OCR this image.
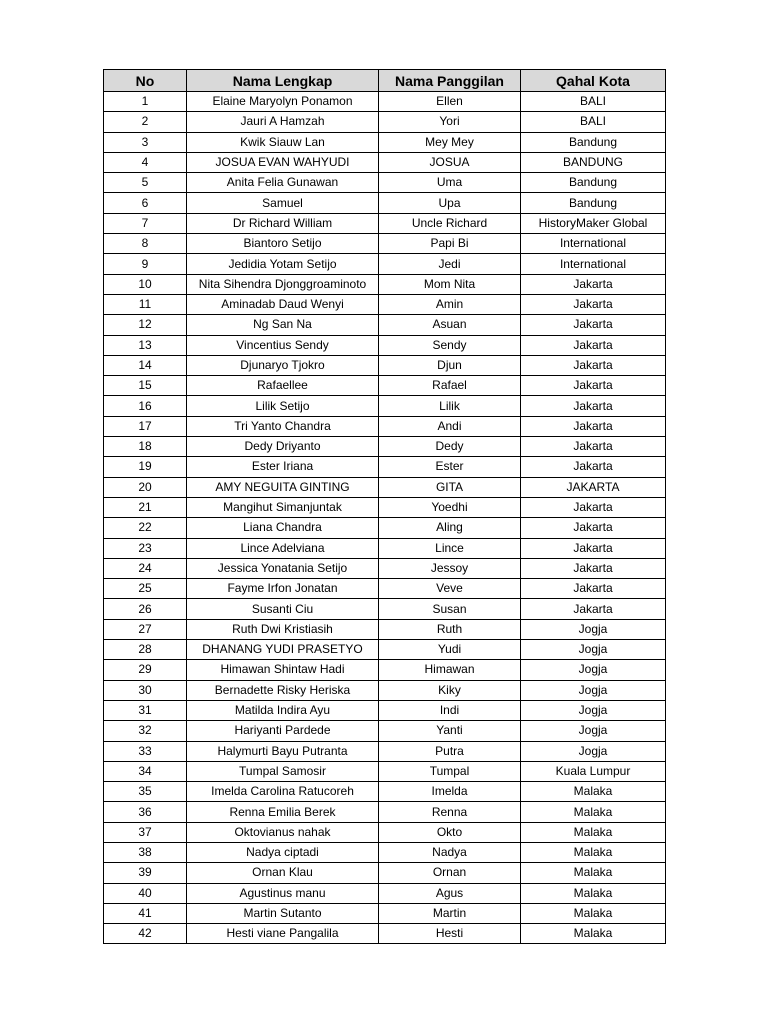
No	Nama Lengkap	Nama Panggilan	Qahal Kota
1	Elaine Maryolyn Ponamon	Ellen	BALI
2	Jauri A Hamzah	Yori	BALI
3	Kwik Siauw Lan	Mey Mey	Bandung
4	JOSUA EVAN WAHYUDI	JOSUA	BANDUNG
5	Anita Felia Gunawan	Uma	Bandung
6	Samuel	Upa	Bandung
7	Dr Richard William	Uncle Richard	HistoryMaker Global
8	Biantoro Setijo	Papi Bi	International
9	Jedidia Yotam Setijo	Jedi	International
10	Nita Sihendra Djonggroaminoto	Mom Nita	Jakarta
11	Aminadab Daud Wenyi	Amin	Jakarta
12	Ng San Na	Asuan	Jakarta
13	Vincentius Sendy	Sendy	Jakarta
14	Djunaryo Tjokro	Djun	Jakarta
15	Rafaellee	Rafael	Jakarta
16	Lilik Setijo	Lilik	Jakarta
17	Tri Yanto Chandra	Andi	Jakarta
18	Dedy Driyanto	Dedy	Jakarta
19	Ester Iriana	Ester	Jakarta
20	AMY NEGUITA GINTING	GITA	JAKARTA
21	Mangihut Simanjuntak	Yoedhi	Jakarta
22	Liana Chandra	Aling	Jakarta
23	Lince Adelviana	Lince	Jakarta
24	Jessica Yonatania Setijo	Jessoy	Jakarta
25	Fayme Irfon Jonatan	Veve	Jakarta
26	Susanti Ciu	Susan	Jakarta
27	Ruth Dwi Kristiasih	Ruth	Jogja
28	DHANANG YUDI PRASETYO	Yudi	Jogja
29	Himawan Shintaw Hadi	Himawan	Jogja
30	Bernadette Risky Heriska	Kiky	Jogja
31	Matilda Indira Ayu	Indi	Jogja
32	Hariyanti Pardede	Yanti	Jogja
33	Halymurti Bayu Putranta	Putra	Jogja
34	Tumpal Samosir	Tumpal	Kuala Lumpur
35	Imelda Carolina Ratucoreh	Imelda	Malaka
36	Renna Emilia Berek	Renna	Malaka
37	Oktovianus nahak	Okto	Malaka
38	Nadya ciptadi	Nadya	Malaka
39	Ornan Klau	Ornan	Malaka
40	Agustinus manu	Agus	Malaka
41	Martin Sutanto	Martin	Malaka
42	Hesti viane Pangalila	Hesti	Malaka
